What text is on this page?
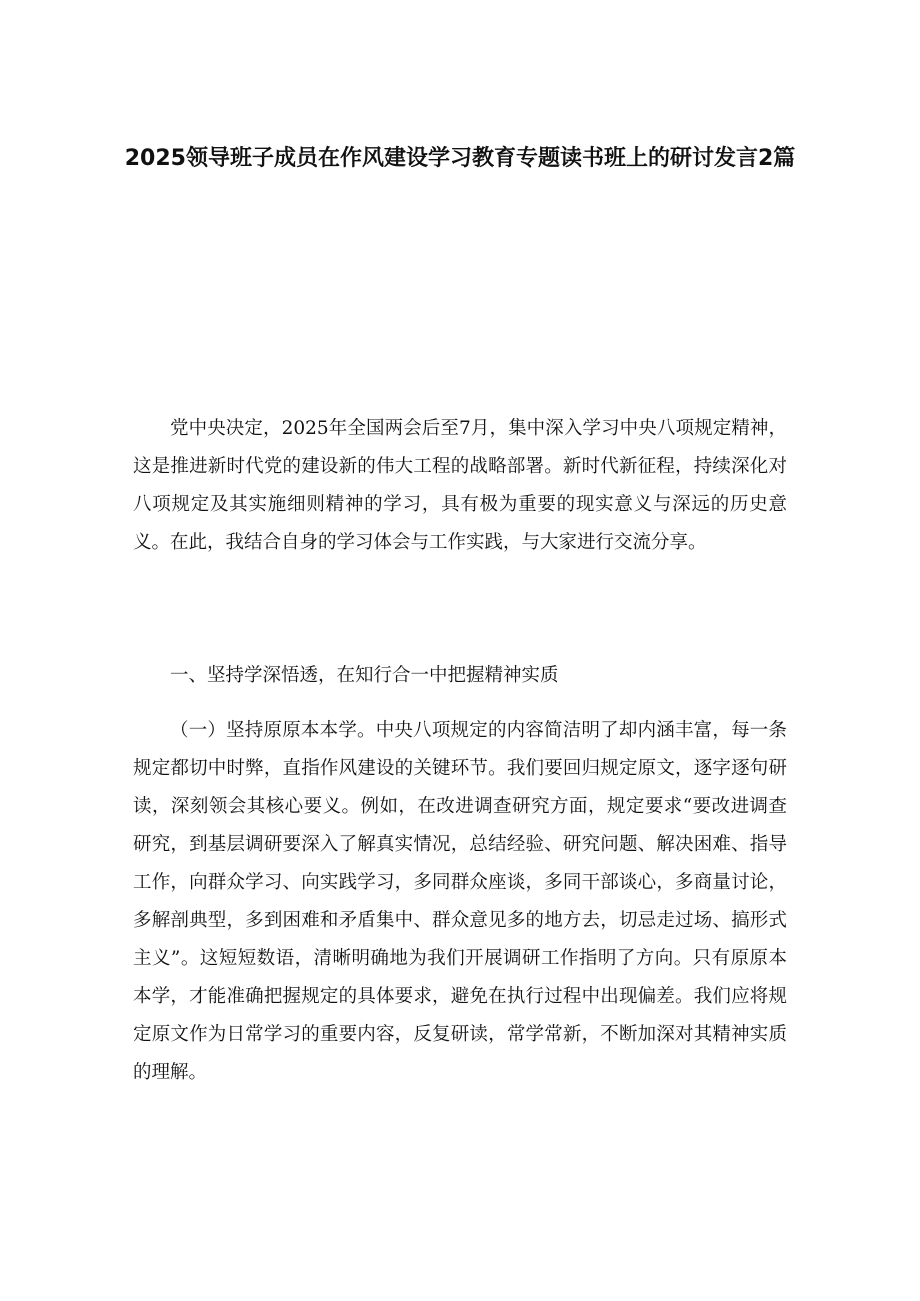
2025领导班子成员在作风建设学习教育专题读书班上的研讨发言2篇

党中央决定，2025年全国两会后至7月，集中深入学习中央八项规定精神，这是推进新时代党的建设新的伟大工程的战略部署。新时代新征程，持续深化对八项规定及其实施细则精神的学习，具有极为重要的现实意义与深远的历史意义。在此，我结合自身的学习体会与工作实践，与大家进行交流分享。

一、坚持学深悟透，在知行合一中把握精神实质

（一）坚持原原本本学。中央八项规定的内容简洁明了却内涵丰富，每一条规定都切中时弊，直指作风建设的关键环节。我们要回归规定原文，逐字逐句研读，深刻领会其核心要义。例如，在改进调查研究方面，规定要求“要改进调查研究，到基层调研要深入了解真实情况，总结经验、研究问题、解决困难、指导工作，向群众学习、向实践学习，多同群众座谈，多同干部谈心，多商量讨论，多解剖典型，多到困难和矛盾集中、群众意见多的地方去，切忌走过场、搞形式主义”。这短短数语，清晰明确地为我们开展调研工作指明了方向。只有原原本本学，才能准确把握规定的具体要求，避免在执行过程中出现偏差。我们应将规定原文作为日常学习的重要内容，反复研读，常学常新，不断加深对其精神实质的理解。
